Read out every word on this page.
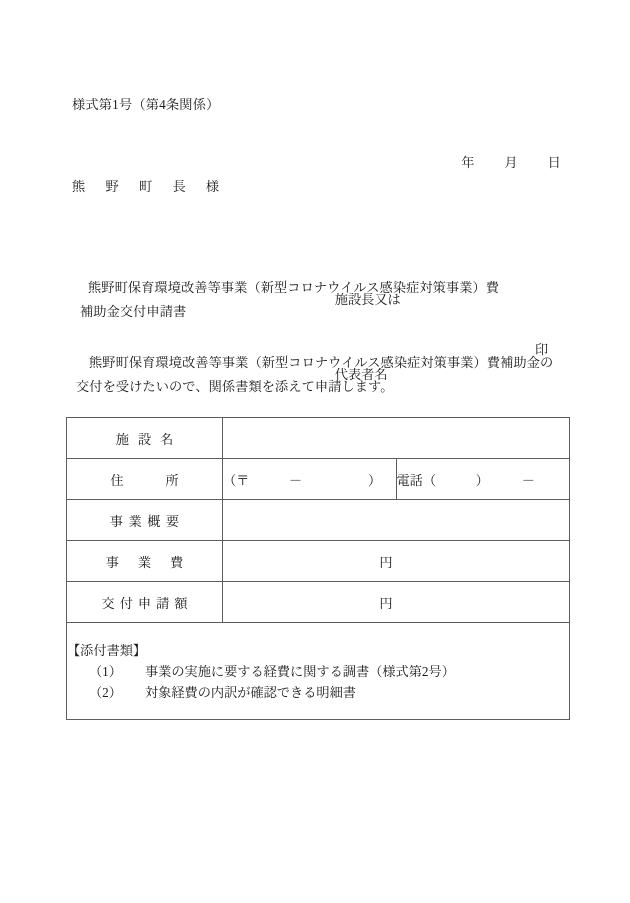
様式第1号（第4条関係）

年 月 日

熊 野 町 長 様

施設長又は

代表者名

印

熊野町保育環境改善等事業（新型コロナウイルス感染症対策事業）費
補助金交付申請書
熊野町保育環境改善等事業（新型コロナウイルス感染症対策事業）費補助金の交付を受けたいので、関係書類を添えて申請します。
施設名		
住所	（〒　　　－　　　　　）	電話（　　　）　　　－
事業概要		
事業費	円	
交付申請額	円	

【添付書類】
（1） 事業の実施に要する経費に関する調書（様式第2号）
（2） 対象経費の内訳が確認できる明細書		
